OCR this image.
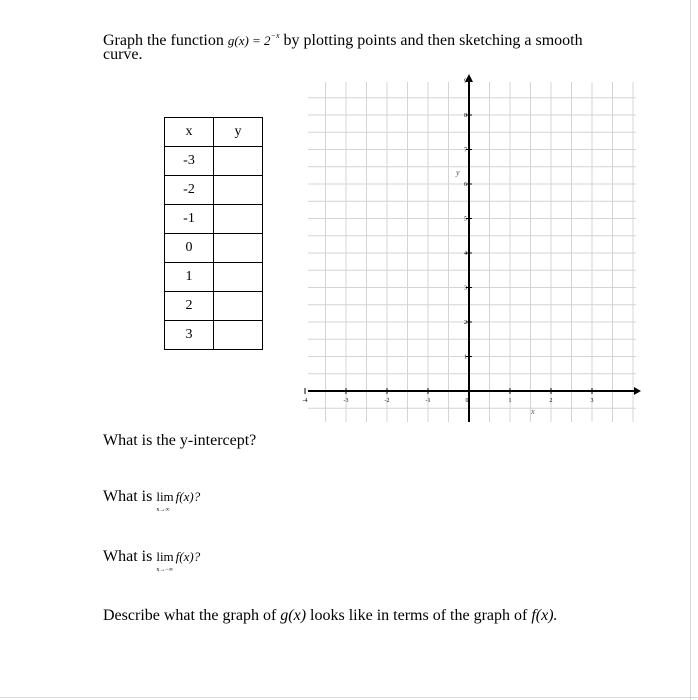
Graph the function $g(x) = 2^{-x}$ by plotting points and then sketching a smooth
curve.
x	y
-3	
-2	
-1	
0	
1	
2	
3	
-4	-3	-2	-1	0	1	2	3
1
2
3
4
5
6
7
8
9
x
y
What is the y-intercept?
What is lim
x→∞
f(x)?
What is lim
x→−∞
f(x)?
Describe what the graph of g(x) looks like in terms of the graph of f(x).
